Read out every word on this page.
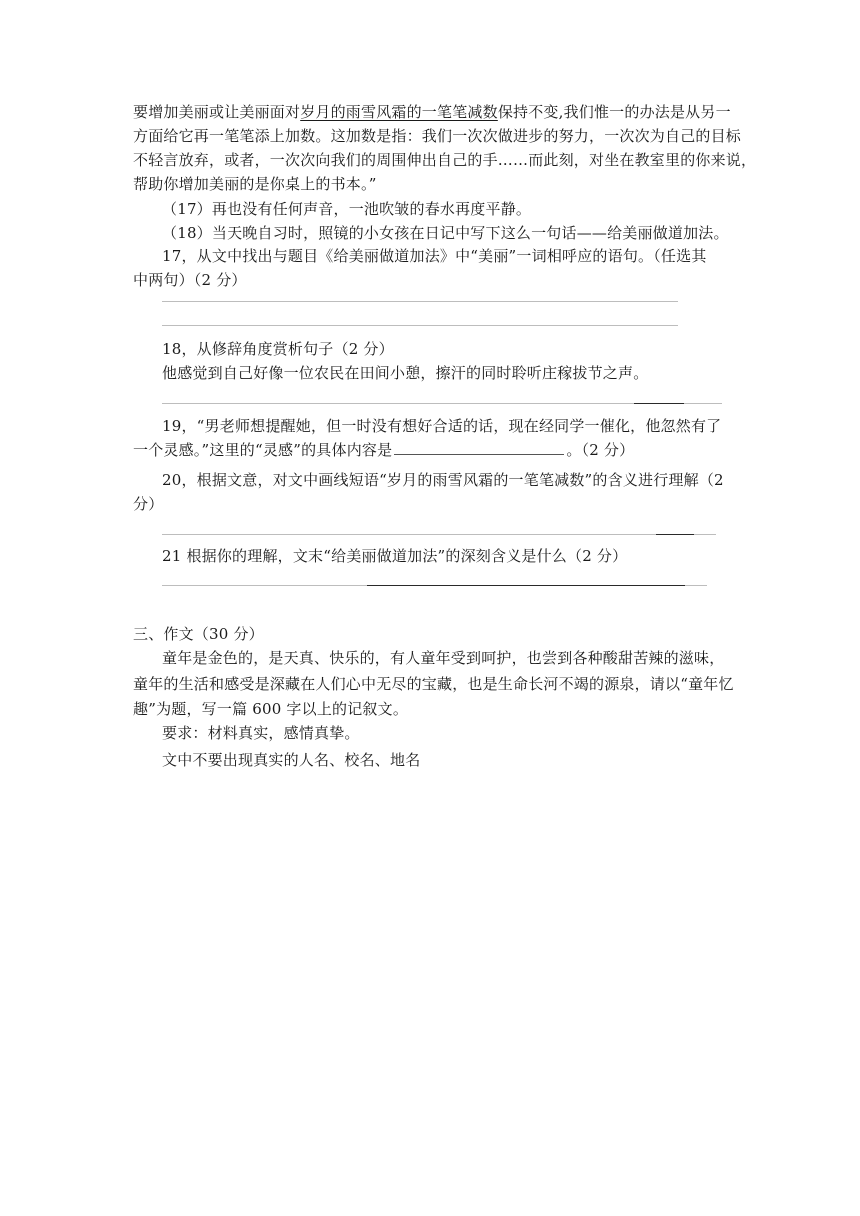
要增加美丽或让美丽面对岁月的雨雪风霜的一笔笔减数保持不变,我们惟一的办法是从另一
方面给它再一笔笔添上加数。这加数是指：我们一次次做进步的努力，一次次为自己的目标
不轻言放弃，或者，一次次向我们的周围伸出自己的手……而此刻，对坐在教室里的你来说，
帮助你增加美丽的是你桌上的书本。”
（17）再也没有任何声音，一池吹皱的春水再度平静。
（18）当天晚自习时，照镜的小女孩在日记中写下这么一句话——给美丽做道加法。
17，从文中找出与题目《给美丽做道加法》中“美丽”一词相呼应的语句。（任选其
中两句）（2 分）
18，从修辞角度赏析句子（2 分）
他感觉到自己好像一位农民在田间小憩，擦汗的同时聆听庄稼拔节之声。
19，“男老师想提醒她，但一时没有想好合适的话，现在经同学一催化，他忽然有了
一个灵感。”这里的“灵感”的具体内容是	。（2 分）
20，根据文意，对文中画线短语“岁月的雨雪风霜的一笔笔减数”的含义进行理解（2
分）
21 根据你的理解，文末“给美丽做道加法”的深刻含义是什么（2 分）
三、作文（30 分）
童年是金色的，是天真、快乐的，有人童年受到呵护，也尝到各种酸甜苦辣的滋味，
童年的生活和感受是深藏在人们心中无尽的宝藏，也是生命长河不竭的源泉，请以“童年忆
趣”为题，写一篇 600 字以上的记叙文。
要求：材料真实，感情真挚。
文中不要出现真实的人名、校名、地名
